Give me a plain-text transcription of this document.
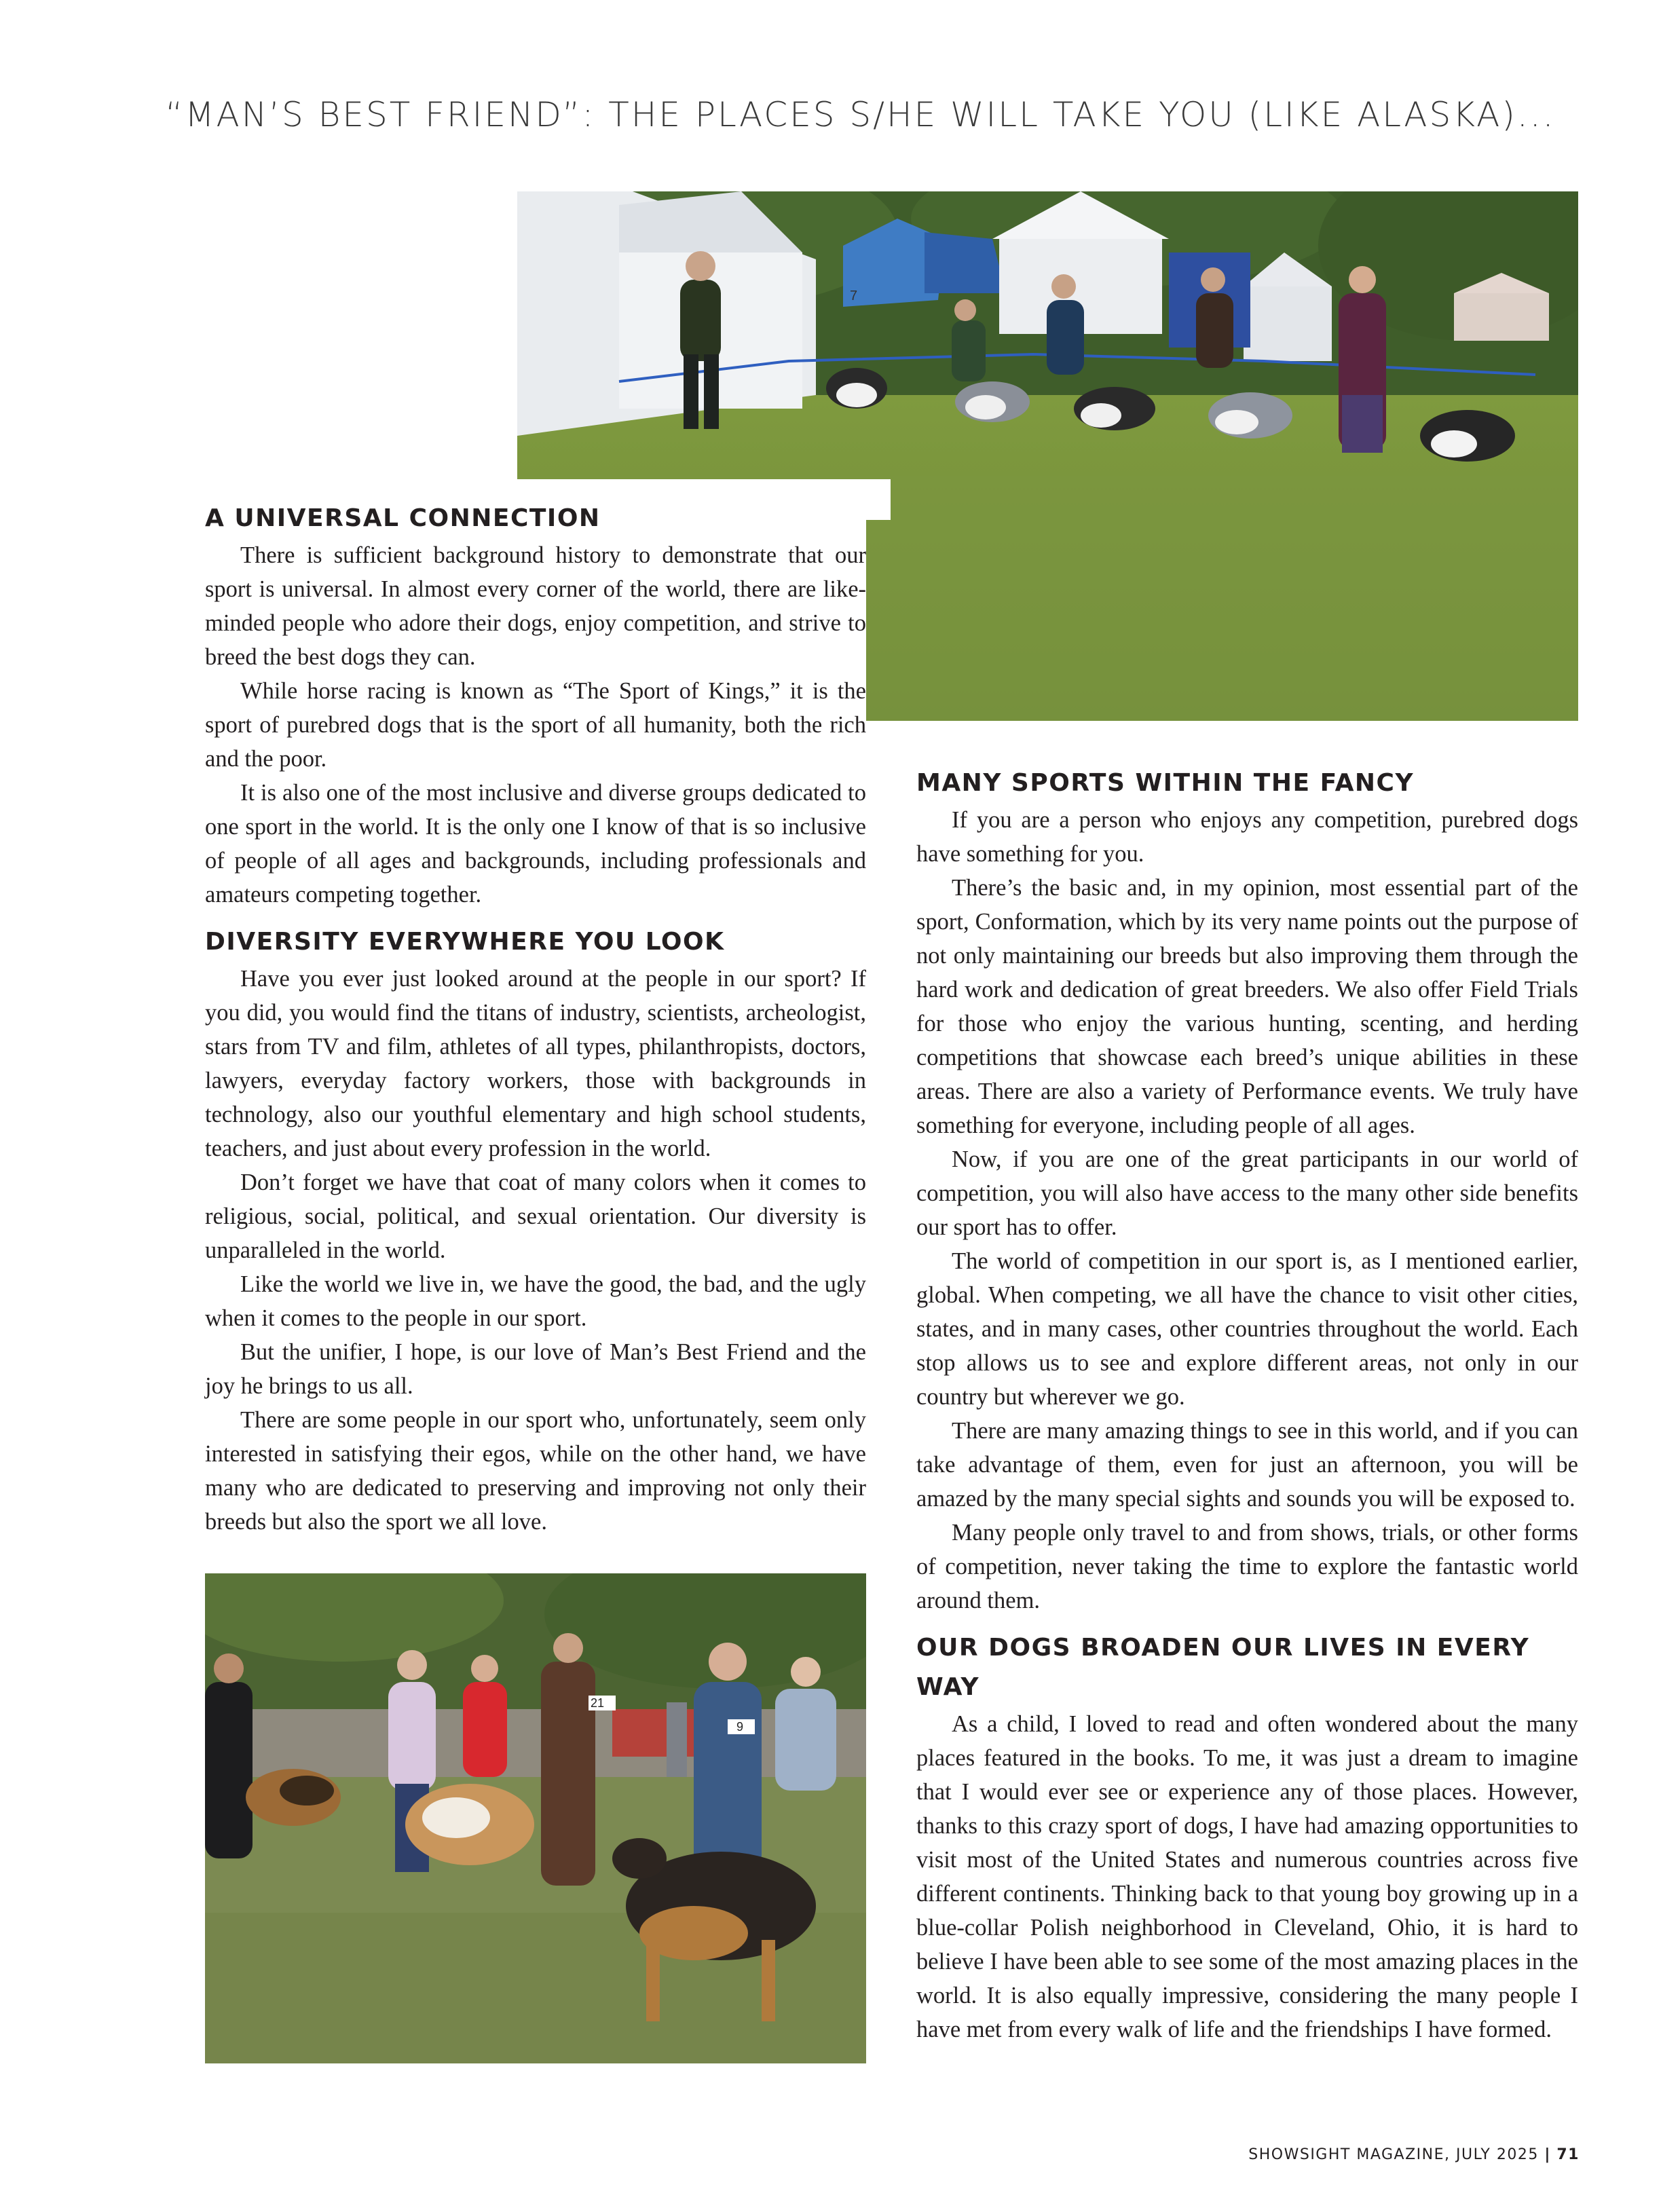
“MAN’S BEST FRIEND”: THE PLACES S/HE WILL TAKE YOU (LIKE ALASKA)...
7
A UNIVERSAL CONNECTION

There is sufficient background history to demonstrate that our sport is universal. In almost every corner of the world, there are like-minded people who adore their dogs, enjoy competition, and strive to breed the best dogs they can.

While horse racing is known as “The Sport of Kings,” it is the sport of purebred dogs that is the sport of all humanity, both the rich and the poor.

It is also one of the most inclusive and diverse groups dedicated to one sport in the world. It is the only one I know of that is so inclusive of people of all ages and backgrounds, including professionals and amateurs competing together.

DIVERSITY EVERYWHERE YOU LOOK

Have you ever just looked around at the people in our sport? If you did, you would find the titans of industry, scientists, archeologist, stars from TV and film, athletes of all types, philanthropists, doctors, lawyers, everyday factory workers, those with backgrounds in technology, also our youthful elementary and high school students, teachers, and just about every profession in the world.

Don’t forget we have that coat of many colors when it comes to religious, social, political, and sexual orientation. Our diversity is unparalleled in the world.

Like the world we live in, we have the good, the bad, and the ugly when it comes to the people in our sport.

But the unifier, I hope, is our love of Man’s Best Friend and the joy he brings to us all.

There are some people in our sport who, unfortunately, seem only interested in satisfying their egos, while on the other hand, we have many who are dedicated to preserving and improving not only their breeds but also the sport we all love.

21
9
MANY SPORTS WITHIN THE FANCY

If you are a person who enjoys any competition, purebred dogs have something for you.

There’s the basic and, in my opinion, most essential part of the sport, Conformation, which by its very name points out the purpose of not only maintaining our breeds but also improving them through the hard work and dedication of great breeders. We also offer Field Trials for those who enjoy the various hunting, scenting, and herding competitions that showcase each breed’s unique abilities in these areas. There are also a variety of Performance events. We truly have something for everyone, including people of all ages.

Now, if you are one of the great participants in our world of competition, you will also have access to the many other side benefits our sport has to offer.

The world of competition in our sport is, as I mentioned earlier, global. When competing, we all have the chance to visit other cities, states, and in many cases, other countries throughout the world. Each stop allows us to see and explore different areas, not only in our country but wherever we go.

There are many amazing things to see in this world, and if you can take advantage of them, even for just an afternoon, you will be amazed by the many special sights and sounds you will be exposed to.

Many people only travel to and from shows, trials, or other forms of competition, never taking the time to explore the fantastic world around them.

OUR DOGS BROADEN OUR LIVES IN EVERY WAY

As a child, I loved to read and often wondered about the many places featured in the books. To me, it was just a dream to imagine that I would ever see or experience any of those places. However, thanks to this crazy sport of dogs, I have had amazing opportunities to visit most of the United States and numerous countries across five different continents. Thinking back to that young boy growing up in a blue-collar Polish neighborhood in Cleveland, Ohio, it is hard to believe I have been able to see some of the most amazing places in the world. It is also equally impressive, considering the many people I have met from every walk of life and the friendships I have formed.

SHOWSIGHT MAGAZINE, JULY 2025 | 71
